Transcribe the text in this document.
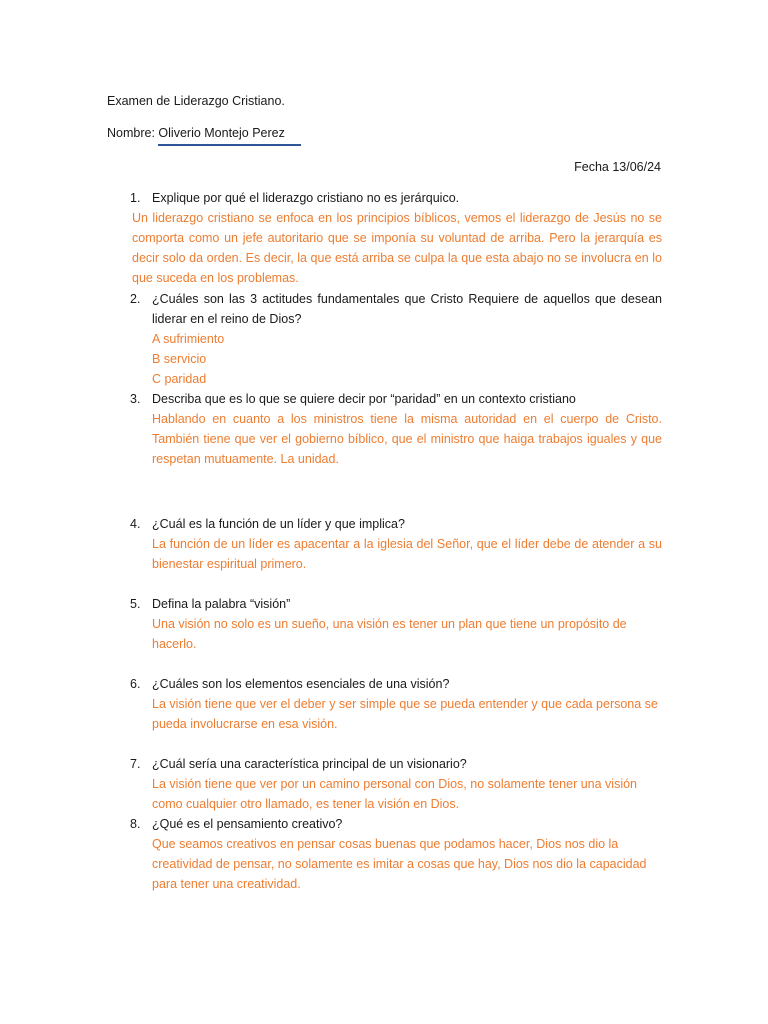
Examen de Liderazgo Cristiano.
Nombre: Oliverio Montejo Perez
Fecha 13/06/24
1. Explique por qué el liderazgo cristiano no es jerárquico.
Un liderazgo cristiano se enfoca en los principios bíblicos, vemos el liderazgo de Jesús no se
comporta como un jefe autoritario que se imponía su voluntad de arriba. Pero la jerarquía es
decir solo da orden. Es decir, la que está arriba se culpa la que esta abajo no se involucra en lo
que suceda en los problemas.
2. ¿Cuáles son las 3 actitudes fundamentales que Cristo Requiere de aquellos que desean
liderar en el reino de Dios?
A sufrimiento
B servicio
C paridad
3. Describa que es lo que se quiere decir por “paridad” en un contexto cristiano
Hablando en cuanto a los ministros tiene la misma autoridad en el cuerpo de Cristo.
También tiene que ver el gobierno bíblico, que el ministro que haiga trabajos iguales y que
respetan mutuamente. La unidad.
4. ¿Cuál es la función de un líder y que implica?
La función de un líder es apacentar a la iglesia del Señor, que el líder debe de atender a su
bienestar espiritual primero.
5. Defina la palabra “visión”
Una visión no solo es un sueño, una visión es tener un plan que tiene un propósito de
hacerlo.
6. ¿Cuáles son los elementos esenciales de una visión?
La visión tiene que ver el deber y ser simple que se pueda entender y que cada persona se
pueda involucrarse en esa visión.
7. ¿Cuál sería una característica principal de un visionario?
La visión tiene que ver por un camino personal con Dios, no solamente tener una visión
como cualquier otro llamado, es tener la visión en Dios.
8. ¿Qué es el pensamiento creativo?
Que seamos creativos en pensar cosas buenas que podamos hacer, Dios nos dio la
creatividad de pensar, no solamente es imitar a cosas que hay, Dios nos dio la capacidad
para tener una creatividad.
